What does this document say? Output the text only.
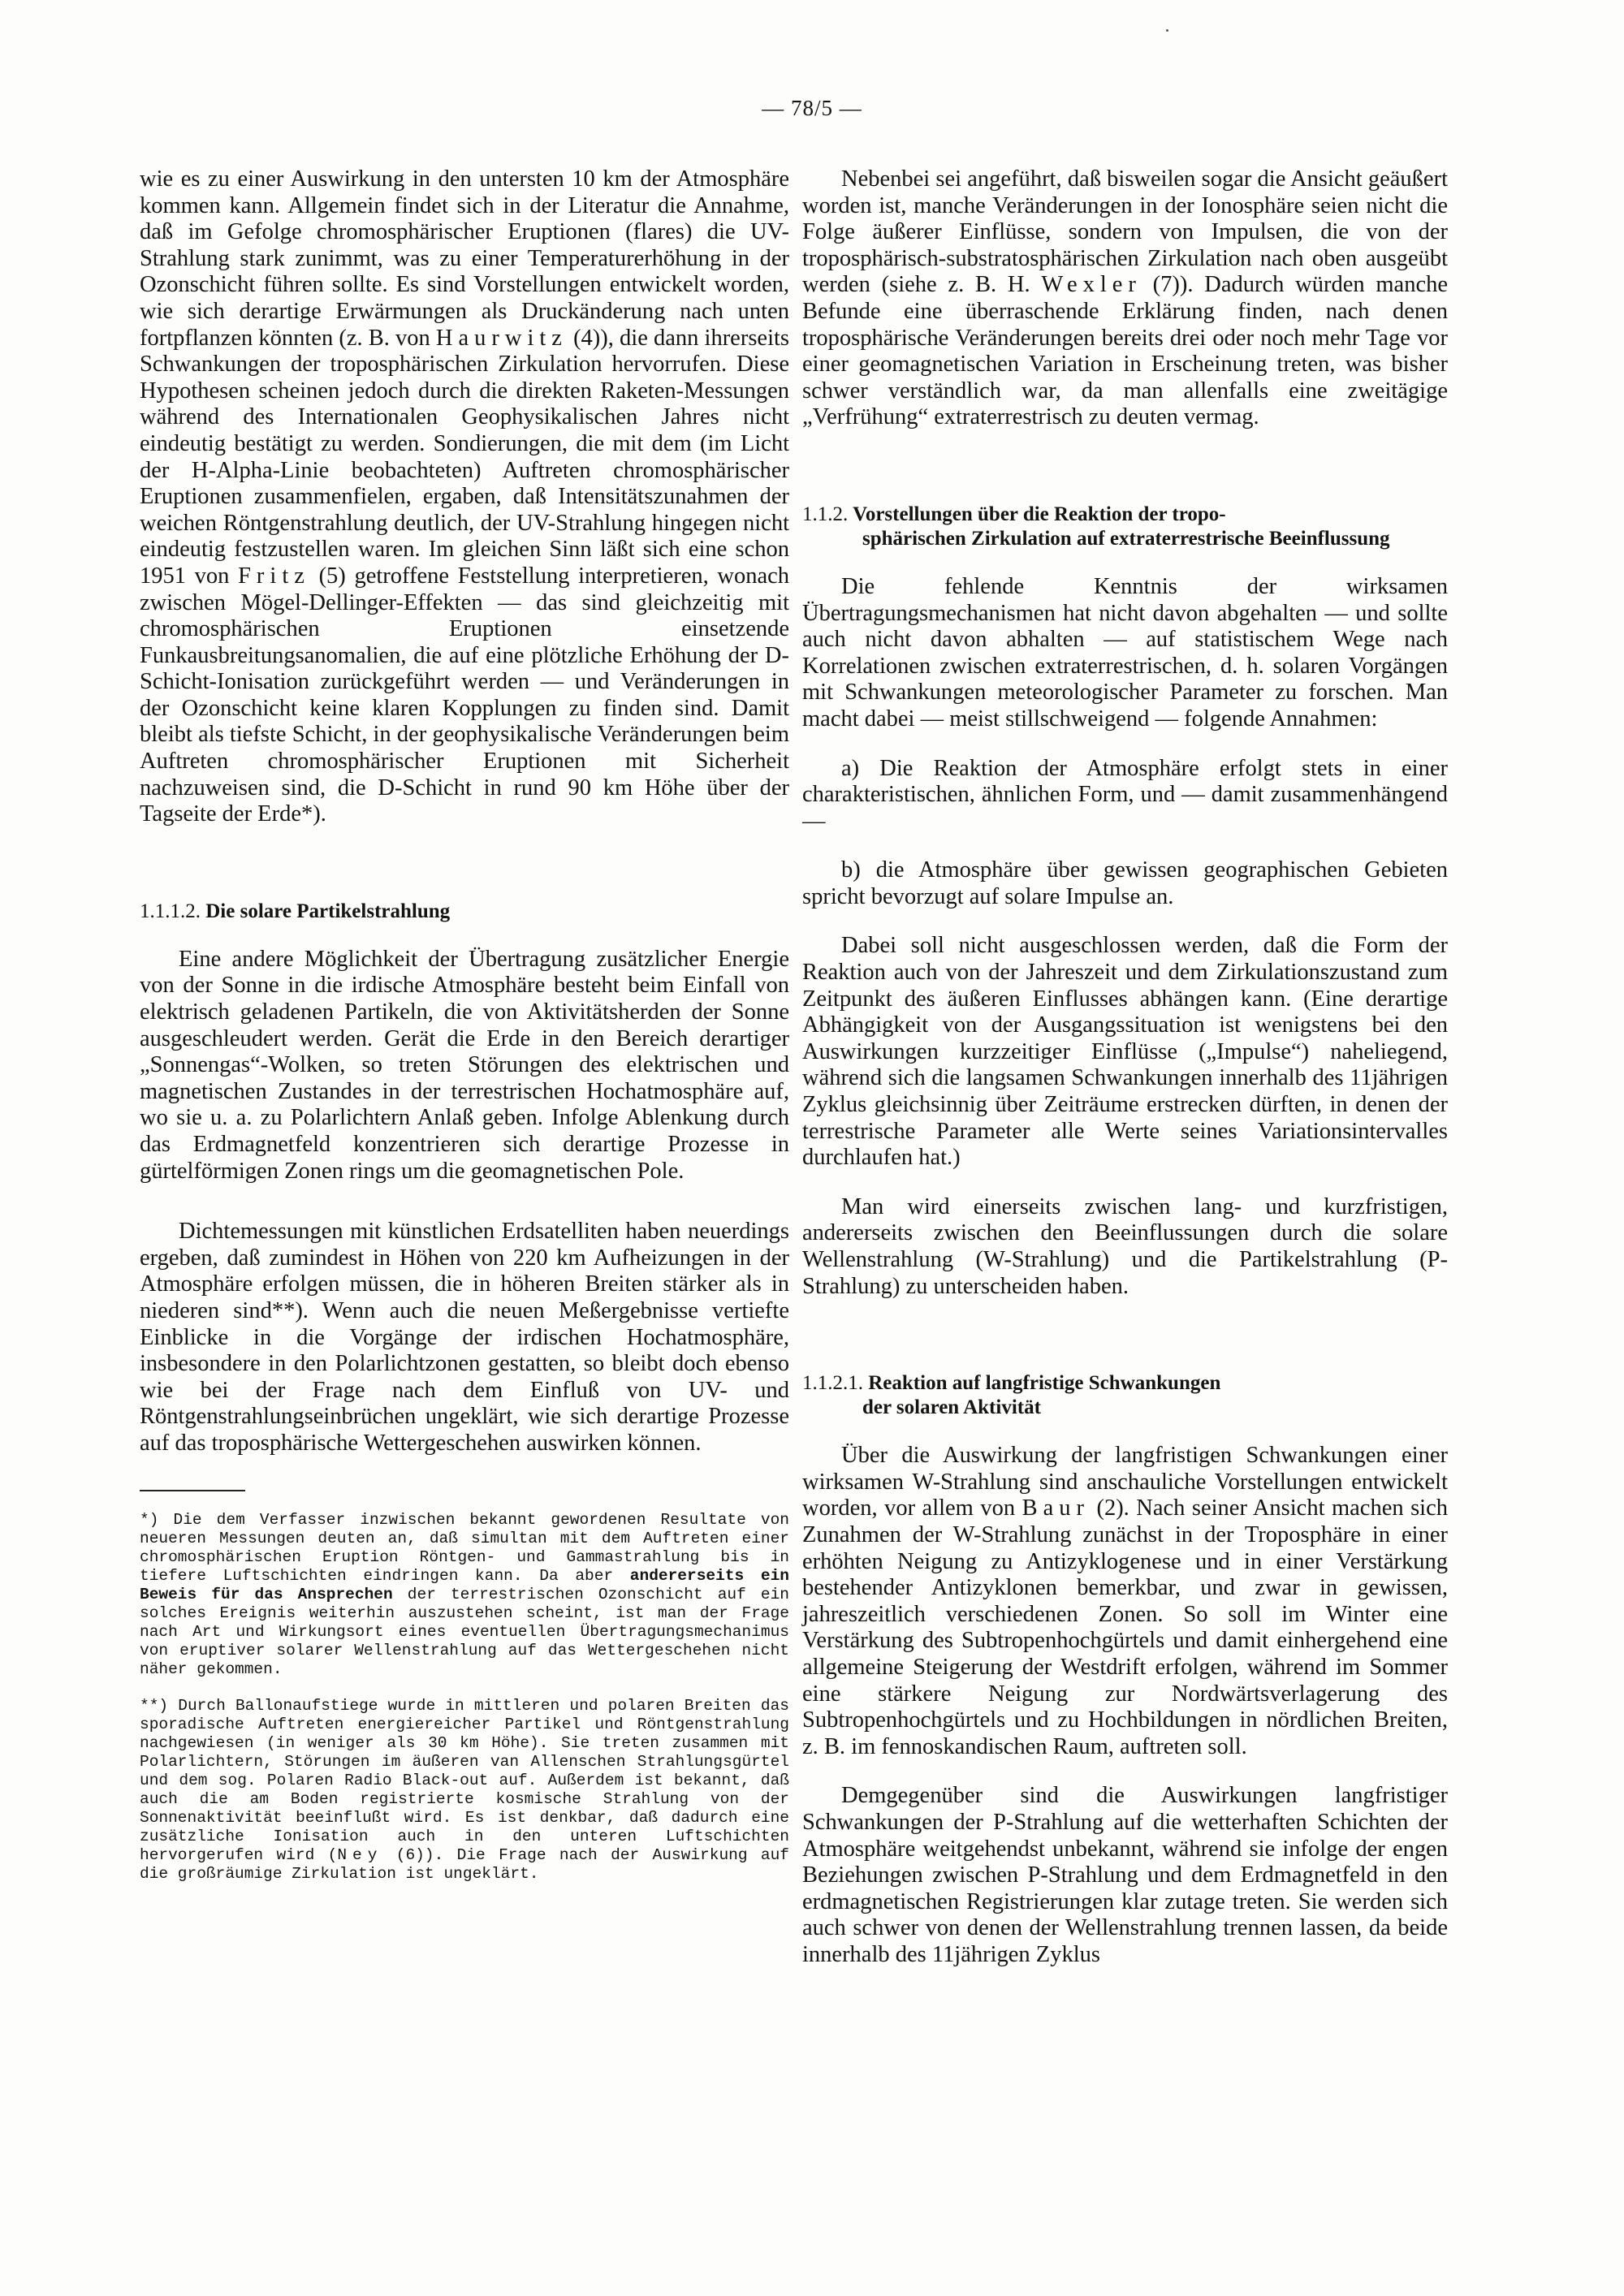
— 78/5 —

wie es zu einer Auswirkung in den untersten 10 km der Atmosphäre kommen kann. Allgemein findet sich in der Literatur die Annahme, daß im Gefolge chromosphärischer Eruptionen (flares) die UV-Strahlung stark zunimmt, was zu einer Temperaturerhöhung in der Ozonschicht führen sollte. Es sind Vorstellungen entwickelt worden, wie sich derartige Erwärmungen als Druckänderung nach unten fortpflanzen könnten (z. B. von Haurwitz (4)), die dann ihrerseits Schwankungen der troposphärischen Zirkulation hervorrufen. Diese Hypothesen scheinen jedoch durch die direkten Raketen-Messungen während des Internationalen Geophysikalischen Jahres nicht eindeutig bestätigt zu werden. Sondierungen, die mit dem (im Licht der H-Alpha-Linie beobachteten) Auftreten chromosphärischer Eruptionen zusammenfielen, ergaben, daß Intensitätszunahmen der weichen Röntgenstrahlung deutlich, der UV-Strahlung hingegen nicht eindeutig festzustellen waren. Im gleichen Sinn läßt sich eine schon 1951 von Fritz (5) getroffene Feststellung interpretieren, wonach zwischen Mögel-Dellinger-Effekten — das sind gleichzeitig mit chromosphärischen Eruptionen einsetzende Funkausbreitungsanomalien, die auf eine plötzliche Erhöhung der D-Schicht-Ionisation zurückgeführt werden — und Veränderungen in der Ozonschicht keine klaren Kopplungen zu finden sind. Damit bleibt als tiefste Schicht, in der geophysikalische Veränderungen beim Auftreten chromosphärischer Eruptionen mit Sicherheit nachzuweisen sind, die D-Schicht in rund 90 km Höhe über der Tagseite der Erde*).

1.1.1.2. Die solare Partikelstrahlung

Eine andere Möglichkeit der Übertragung zusätzlicher Energie von der Sonne in die irdische Atmosphäre besteht beim Einfall von elektrisch geladenen Partikeln, die von Aktivitätsherden der Sonne ausgeschleudert werden. Gerät die Erde in den Bereich derartiger „Sonnengas“-Wolken, so treten Störungen des elektrischen und magnetischen Zustandes in der terrestrischen Hochatmosphäre auf, wo sie u. a. zu Polarlichtern Anlaß geben. Infolge Ablenkung durch das Erdmagnetfeld konzentrieren sich derartige Prozesse in gürtelförmigen Zonen rings um die geomagnetischen Pole.

Dichtemessungen mit künstlichen Erdsatelliten haben neuerdings ergeben, daß zumindest in Höhen von 220 km Aufheizungen in der Atmosphäre erfolgen müssen, die in höheren Breiten stärker als in niederen sind**). Wenn auch die neuen Meßergebnisse vertiefte Einblicke in die Vorgänge der irdischen Hochatmosphäre, insbesondere in den Polarlichtzonen gestatten, so bleibt doch ebenso wie bei der Frage nach dem Einfluß von UV- und Röntgenstrahlungseinbrüchen ungeklärt, wie sich derartige Prozesse auf das troposphärische Wettergeschehen auswirken können.

*) Die dem Verfasser inzwischen bekannt gewordenen Resultate von neueren Messungen deuten an, daß simultan mit dem Auftreten einer chromosphärischen Eruption Röntgen- und Gammastrahlung bis in tiefere Luftschichten eindringen kann. Da aber andererseits ein Beweis für das Ansprechen der terrestrischen Ozonschicht auf ein solches Ereignis weiterhin auszustehen scheint, ist man der Frage nach Art und Wirkungsort eines eventuellen Übertragungsmechanimus von eruptiver solarer Wellenstrahlung auf das Wettergeschehen nicht näher gekommen.

**) Durch Ballonaufstiege wurde in mittleren und polaren Breiten das sporadische Auftreten energiereicher Partikel und Röntgenstrahlung nachgewiesen (in weniger als 30 km Höhe). Sie treten zusammen mit Polarlichtern, Störungen im äußeren van Allenschen Strahlungsgürtel und dem sog. Polaren Radio Black-out auf. Außerdem ist bekannt, daß auch die am Boden registrierte kosmische Strahlung von der Sonnenaktivität beeinflußt wird. Es ist denkbar, daß dadurch eine zusätzliche Ionisation auch in den unteren Luftschichten hervorgerufen wird (Ney (6)). Die Frage nach der Auswirkung auf die großräumige Zirkulation ist ungeklärt.

Nebenbei sei angeführt, daß bisweilen sogar die Ansicht geäußert worden ist, manche Veränderungen in der Ionosphäre seien nicht die Folge äußerer Einflüsse, sondern von Impulsen, die von der troposphärisch-substratosphärischen Zirkulation nach oben ausgeübt werden (siehe z. B. H. Wexler (7)). Dadurch würden manche Befunde eine überraschende Erklärung finden, nach denen troposphärische Veränderungen bereits drei oder noch mehr Tage vor einer geomagnetischen Variation in Erscheinung treten, was bisher schwer verständlich war, da man allenfalls eine zweitägige „Verfrühung“ extraterrestrisch zu deuten vermag.

1.1.2. Vorstellungen über die Reaktion der tropo-
sphärischen Zirkulation auf extraterrestrische Beeinflussung

Die fehlende Kenntnis der wirksamen Übertragungsmechanismen hat nicht davon abgehalten — und sollte auch nicht davon abhalten — auf statistischem Wege nach Korrelationen zwischen extraterrestrischen, d. h. solaren Vorgängen mit Schwankungen meteorologischer Parameter zu forschen. Man macht dabei — meist stillschweigend — folgende Annahmen:

a) Die Reaktion der Atmosphäre erfolgt stets in einer charakteristischen, ähnlichen Form, und — damit zusammenhängend —

b) die Atmosphäre über gewissen geographischen Gebieten spricht bevorzugt auf solare Impulse an.

Dabei soll nicht ausgeschlossen werden, daß die Form der Reaktion auch von der Jahreszeit und dem Zirkulationszustand zum Zeitpunkt des äußeren Einflusses abhängen kann. (Eine derartige Abhängigkeit von der Ausgangssituation ist wenigstens bei den Auswirkungen kurzzeitiger Einflüsse („Impulse“) naheliegend, während sich die langsamen Schwankungen innerhalb des 11jährigen Zyklus gleichsinnig über Zeiträume erstrecken dürften, in denen der terrestrische Parameter alle Werte seines Variationsintervalles durchlaufen hat.)

Man wird einerseits zwischen lang- und kurzfristigen, andererseits zwischen den Beeinflussungen durch die solare Wellenstrahlung (W-Strahlung) und die Partikelstrahlung (P-Strahlung) zu unterscheiden haben.

1.1.2.1. Reaktion auf langfristige Schwankungen
der solaren Aktivität

Über die Auswirkung der langfristigen Schwankungen einer wirksamen W-Strahlung sind anschauliche Vorstellungen entwickelt worden, vor allem von Baur (2). Nach seiner Ansicht machen sich Zunahmen der W-Strahlung zunächst in der Troposphäre in einer erhöhten Neigung zu Antizyklogenese und in einer Verstärkung bestehender Antizyklonen bemerkbar, und zwar in gewissen, jahreszeitlich verschiedenen Zonen. So soll im Winter eine Verstärkung des Subtropenhochgürtels und damit einhergehend eine allgemeine Steigerung der Westdrift erfolgen, während im Sommer eine stärkere Neigung zur Nordwärtsverlagerung des Subtropenhochgürtels und zu Hochbildungen in nördlichen Breiten, z. B. im fennoskandischen Raum, auftreten soll.

Demgegenüber sind die Auswirkungen langfristiger Schwankungen der P-Strahlung auf die wetterhaften Schichten der Atmosphäre weitgehendst unbekannt, während sie infolge der engen Beziehungen zwischen P-Strahlung und dem Erdmagnetfeld in den erdmagnetischen Registrierungen klar zutage treten. Sie werden sich auch schwer von denen der Wellenstrahlung trennen lassen, da beide innerhalb des 11jährigen Zyklus
